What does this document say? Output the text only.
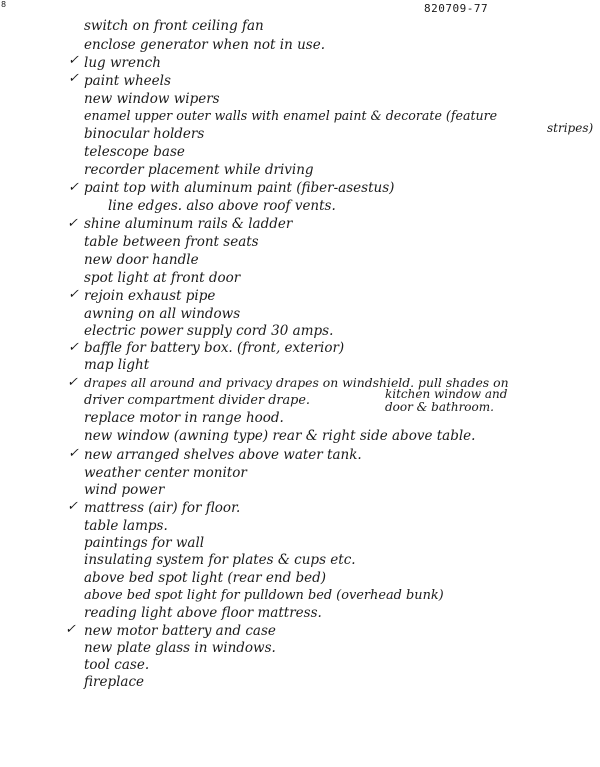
8	820709-77
✓
✓
✓
✓
✓
✓
✓
✓
✓
✓
switch on front ceiling fan
enclose generator when not in use.
lug wrench
paint wheels
new window wipers
enamel upper outer walls with enamel paint & decorate (feature
binocular holders
telescope base
recorder placement while driving
paint top with aluminum paint (fiber-asestus)
line edges. also above roof vents.
shine aluminum rails & ladder
table between front seats
new door handle
spot light at front door
rejoin exhaust pipe
awning on all windows
electric power supply cord 30 amps.
baffle for battery box. (front, exterior)
map light
drapes all around and privacy drapes on windshield. pull shades on
driver compartment divider drape.
replace motor in range hood.
new window (awning type) rear & right side above table.
new arranged shelves above water tank.
weather center monitor
wind power
mattress (air) for floor.
table lamps.
paintings for wall
insulating system for plates & cups etc.
above bed spot light (rear end bed)
above bed spot light for pulldown bed (overhead bunk)
reading light above floor mattress.
new motor battery and case
new plate glass in windows.
tool case.
fireplace
stripes)
kitchen window and
door & bathroom.
